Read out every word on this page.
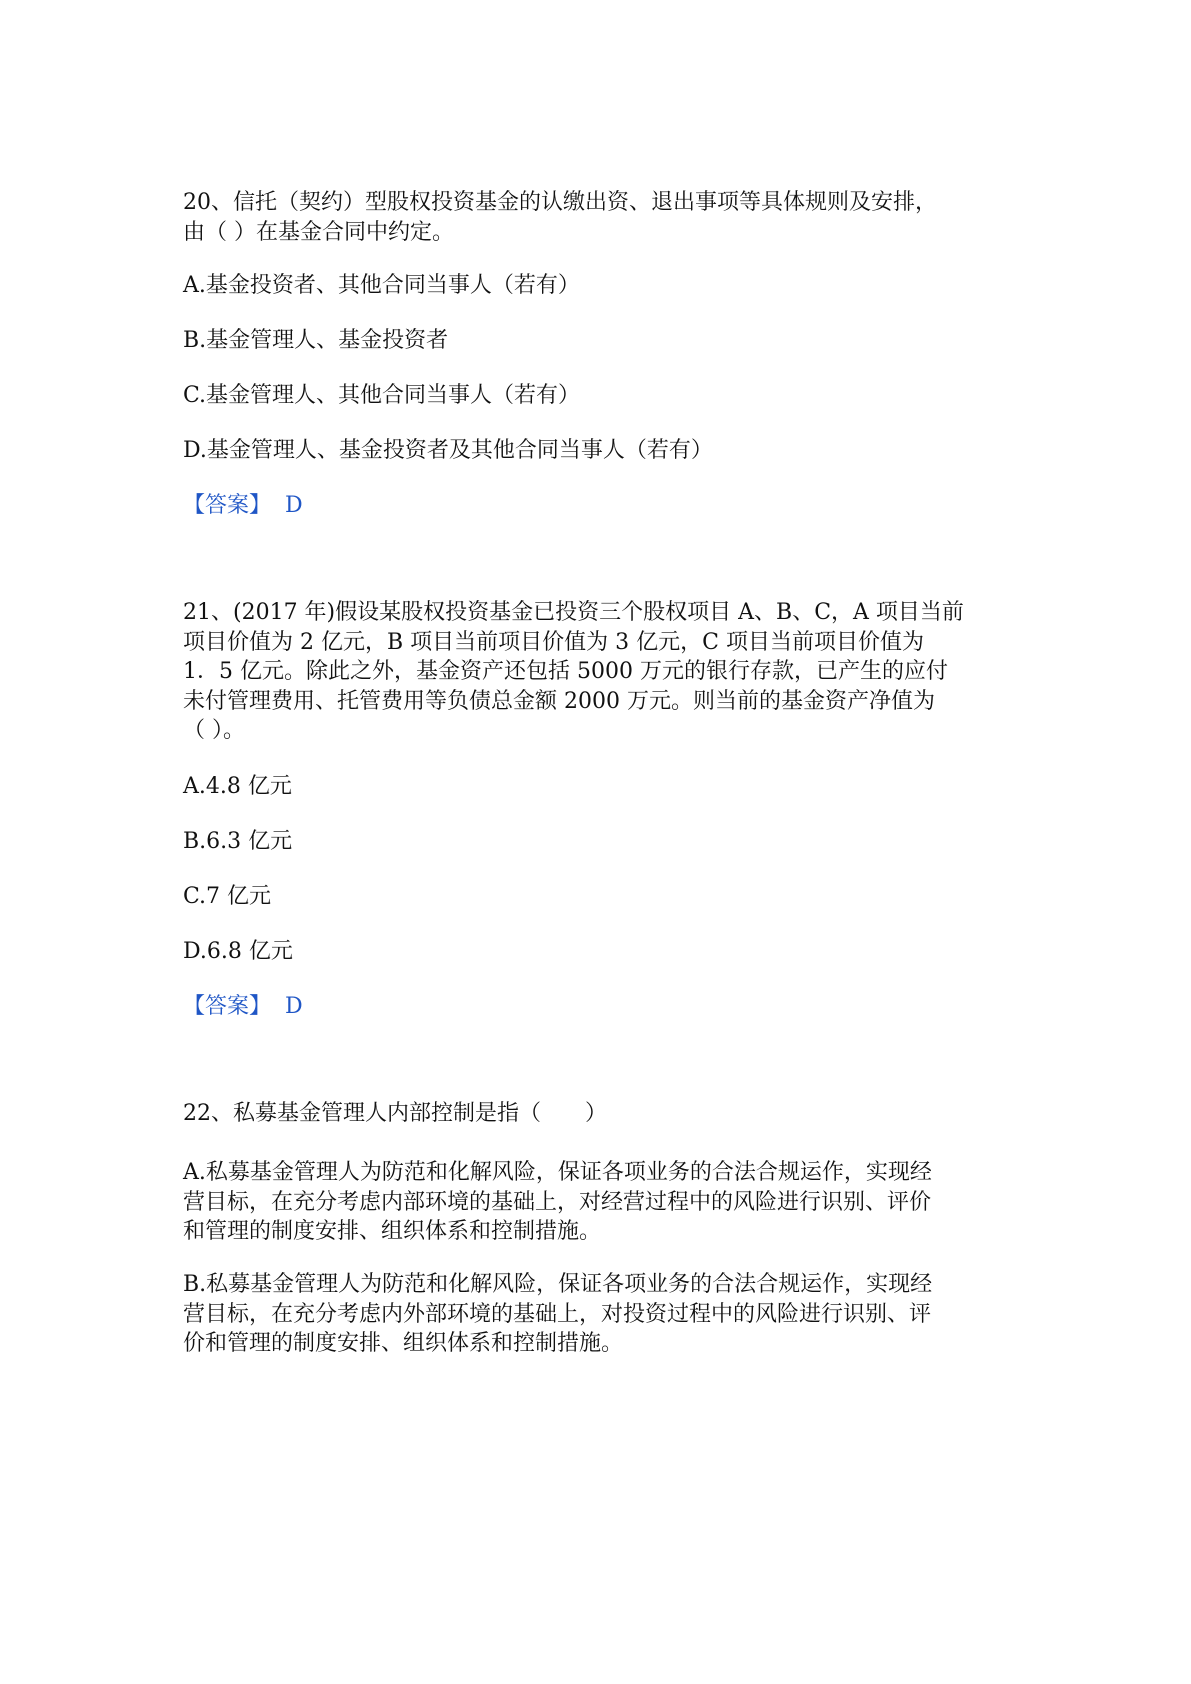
20、信托（契约）型股权投资基金的认缴出资、退出事项等具体规则及安排，
由（ ）在基金合同中约定。
A.基金投资者、其他合同当事人（若有）
B.基金管理人、基金投资者
C.基金管理人、其他合同当事人（若有）
D.基金管理人、基金投资者及其他合同当事人（若有）
【答案】 D
21、(2017 年)假设某股权投资基金已投资三个股权项目 A、B、C，A 项目当前
项目价值为 2 亿元，B 项目当前项目价值为 3 亿元，C 项目当前项目价值为
1．5 亿元。除此之外，基金资产还包括 5000 万元的银行存款，已产生的应付
未付管理费用、托管费用等负债总金额 2000 万元。则当前的基金资产净值为
（ ）。
A.4.8 亿元
B.6.3 亿元
C.7 亿元
D.6.8 亿元
【答案】 D
22、私募基金管理人内部控制是指（　　）
A.私募基金管理人为防范和化解风险，保证各项业务的合法合规运作，实现经
营目标，在充分考虑内部环境的基础上，对经营过程中的风险进行识别、评价
和管理的制度安排、组织体系和控制措施。
B.私募基金管理人为防范和化解风险，保证各项业务的合法合规运作，实现经
营目标，在充分考虑内外部环境的基础上，对投资过程中的风险进行识别、评
价和管理的制度安排、组织体系和控制措施。
